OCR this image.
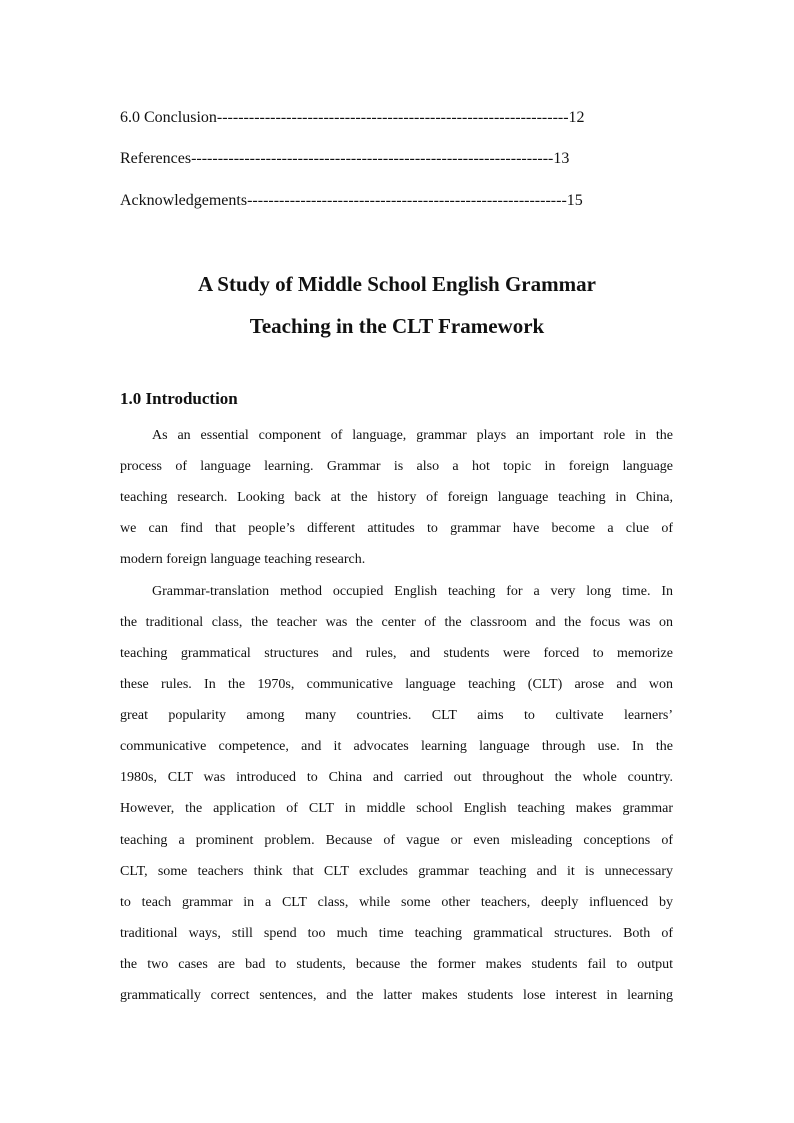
6.0 Conclusion------------------------------------------------------------------12
References--------------------------------------------------------------------13
Acknowledgements------------------------------------------------------------15
A Study of Middle School English Grammar
Teaching in the CLT Framework
1.0 Introduction
As an essential component of language, grammar plays an important role in the
process of language learning. Grammar is also a hot topic in foreign language
teaching research. Looking back at the history of foreign language teaching in China,
we can find that people’s different attitudes to grammar have become a clue of
modern foreign language teaching research.
Grammar-translation method occupied English teaching for a very long time. In
the traditional class, the teacher was the center of the classroom and the focus was on
teaching grammatical structures and rules, and students were forced to memorize
these rules. In the 1970s, communicative language teaching (CLT) arose and won
great popularity among many countries. CLT aims to cultivate learners’
communicative competence, and it advocates learning language through use. In the
1980s, CLT was introduced to China and carried out throughout the whole country.
However, the application of CLT in middle school English teaching makes grammar
teaching a prominent problem. Because of vague or even misleading conceptions of
CLT, some teachers think that CLT excludes grammar teaching and it is unnecessary
to teach grammar in a CLT class, while some other teachers, deeply influenced by
traditional ways, still spend too much time teaching grammatical structures. Both of
the two cases are bad to students, because the former makes students fail to output
grammatically correct sentences, and the latter makes students lose interest in learning
